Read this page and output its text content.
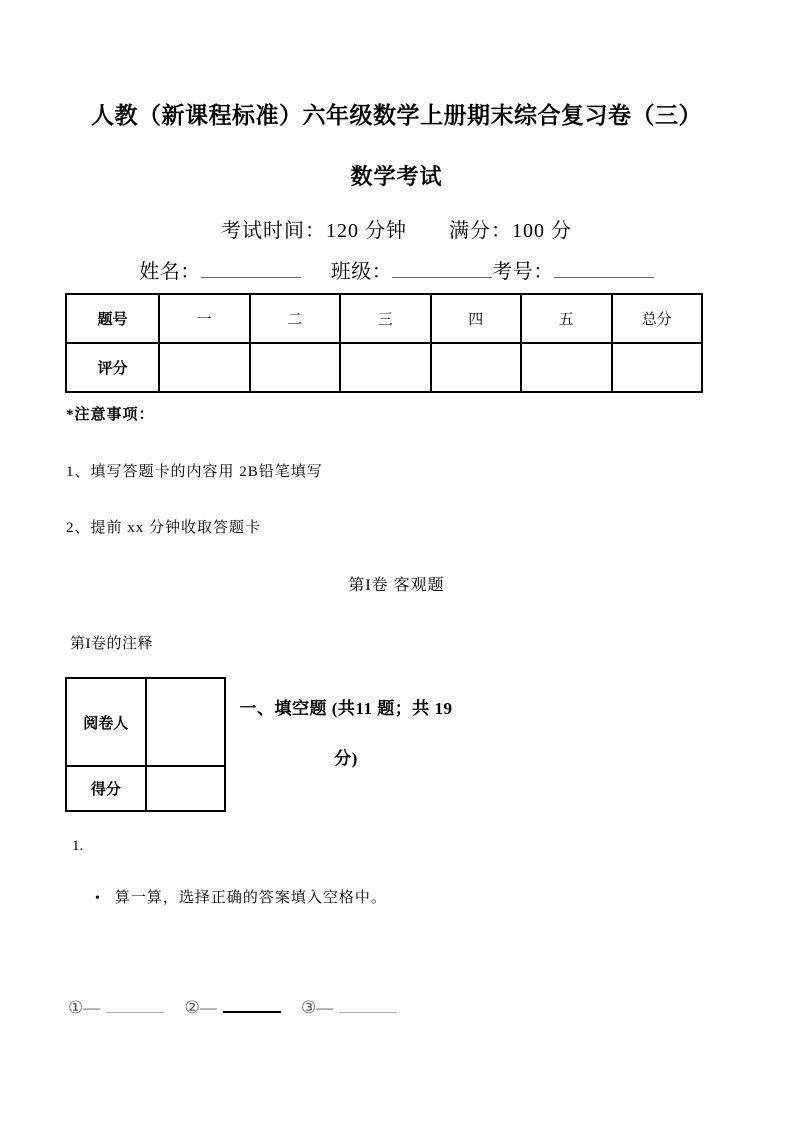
人教（新课程标准）六年级数学上册期末综合复习卷（三）
数学考试
考试时间：120 分钟 满分：100 分
姓名：	班级：	考号：
题号	一	二	三	四	五	总分
评分						

*注意事项：

1、填写答题卡的内容用 2B铅笔填写

2、提前 xx 分钟收取答题卡

第I卷 客观题
第I卷的注释
阅卷人	
得分	
一、填空题 (共11 题；共 19分)
1.
• 算一算，选择正确的答案填入空格中。
①—	②—	③—
